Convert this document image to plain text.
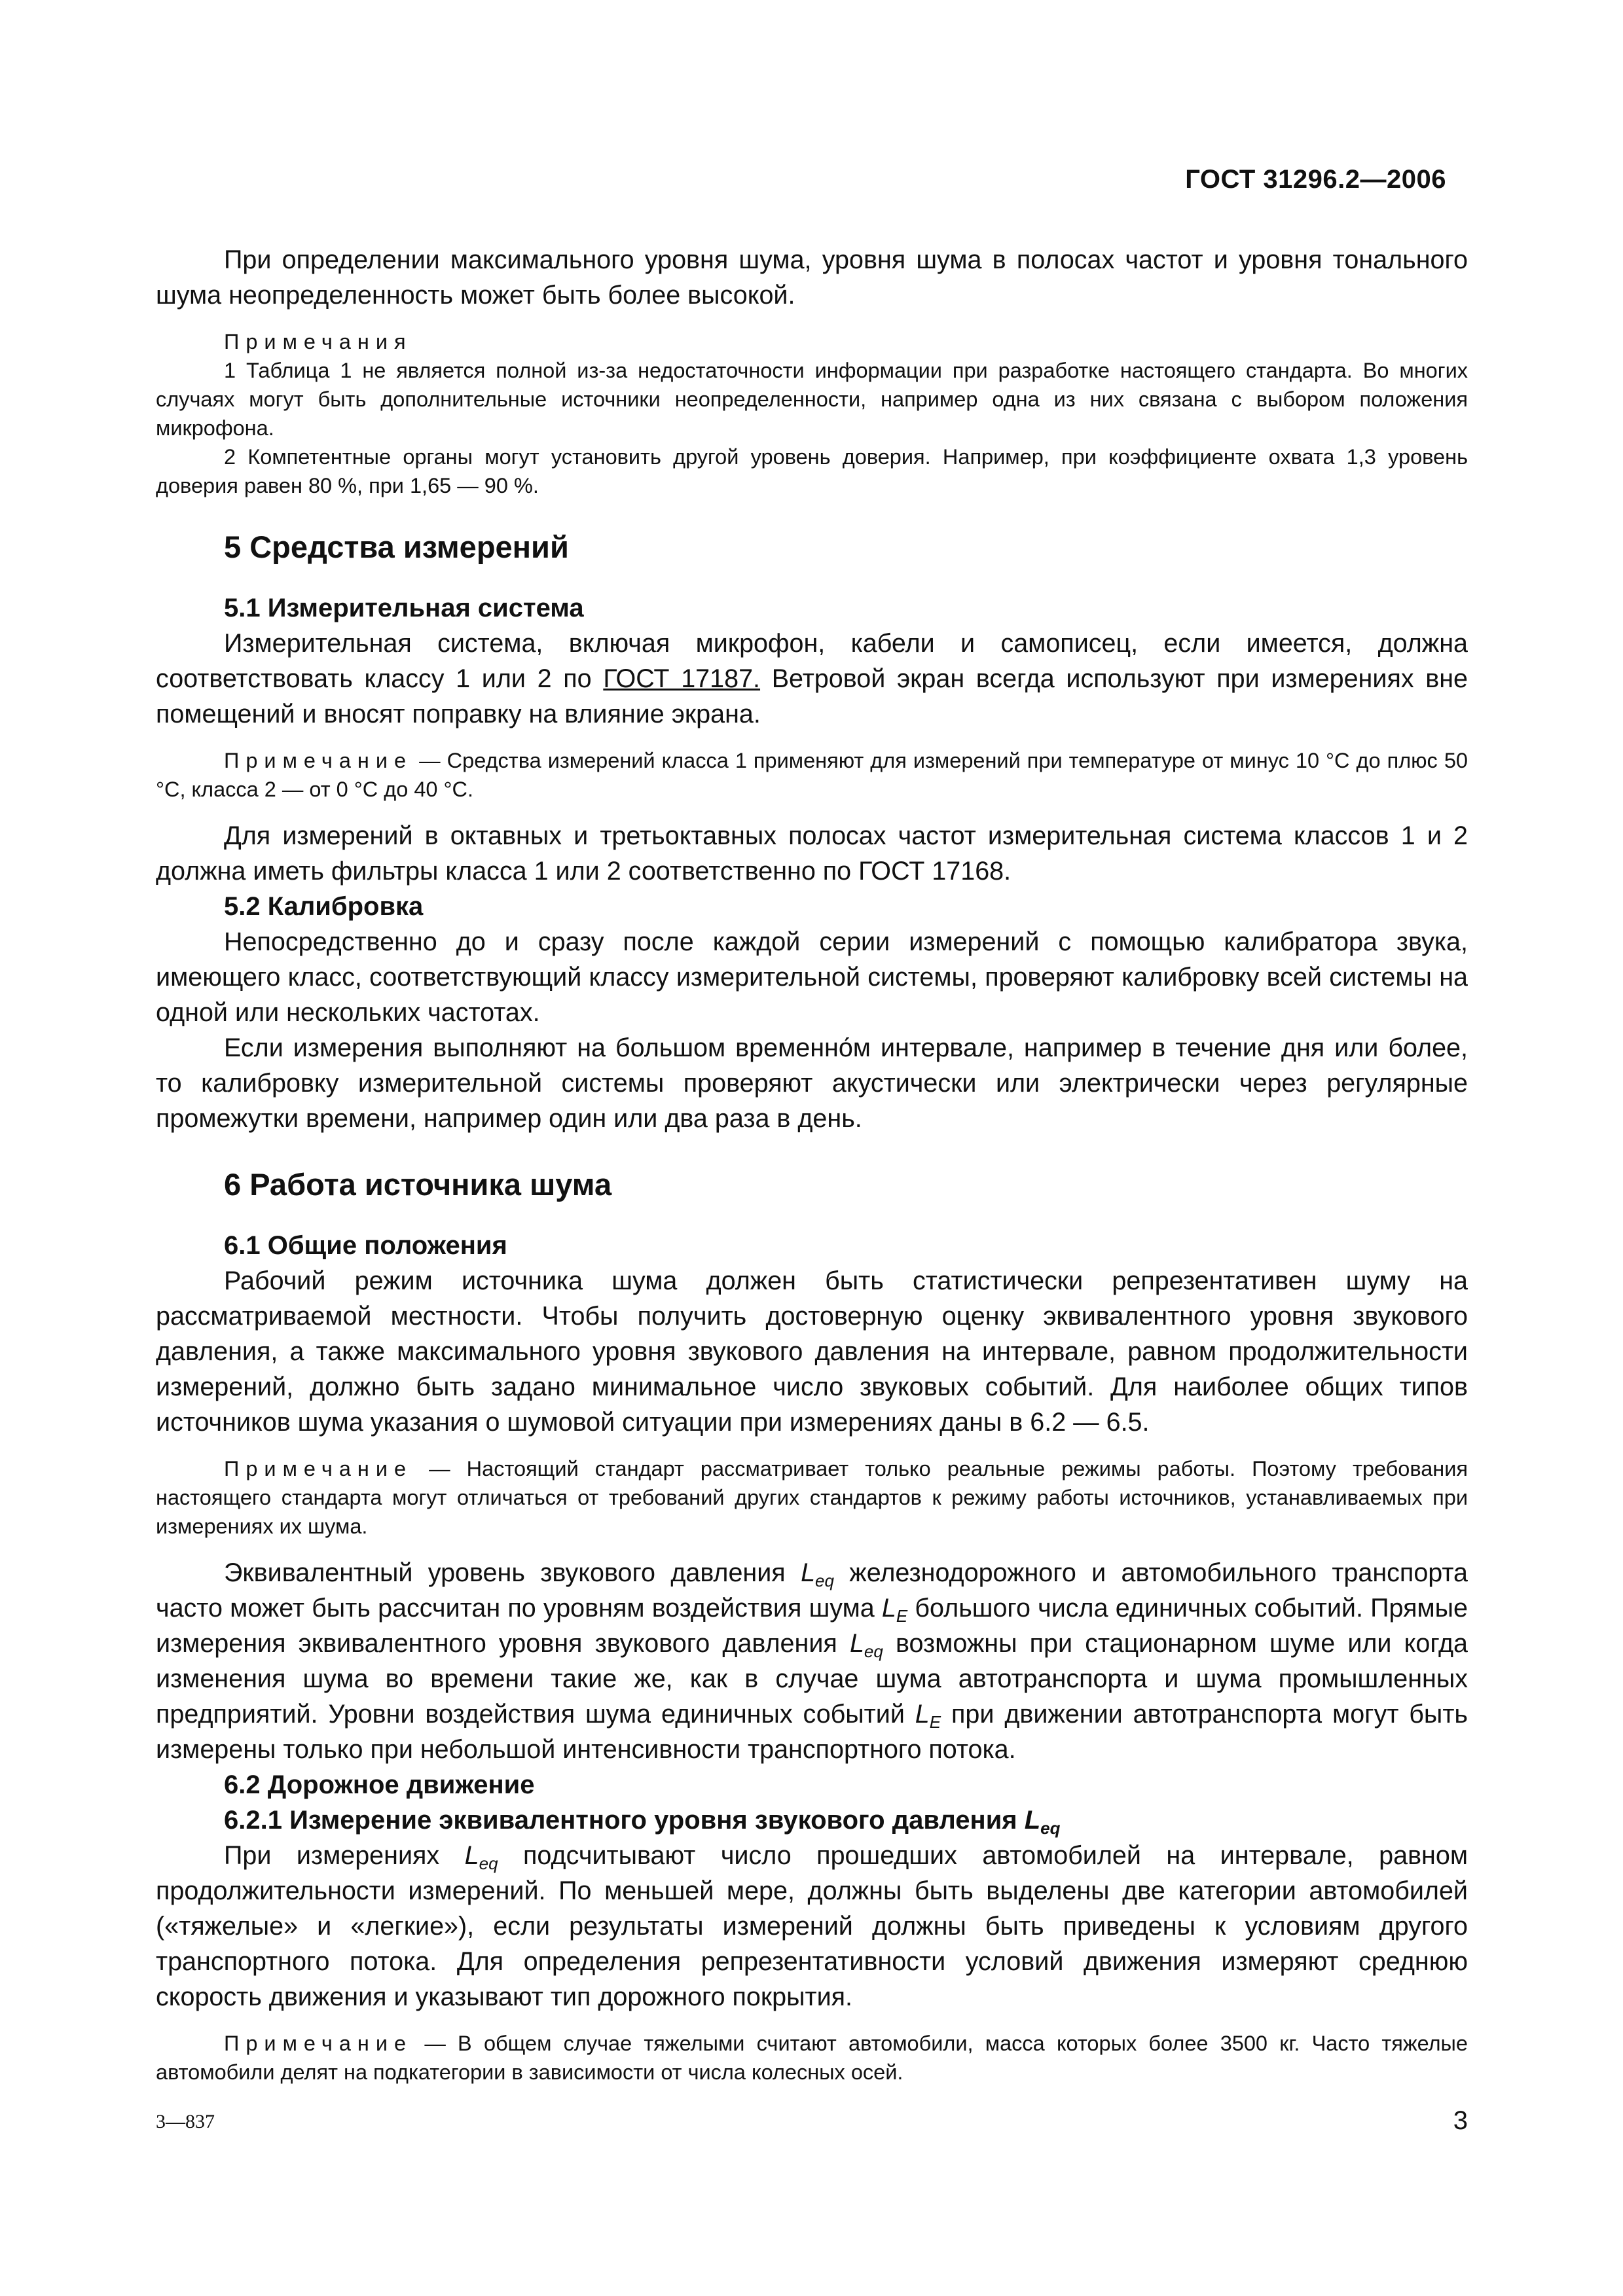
ГОСТ 31296.2—2006

При определении максимального уровня шума, уровня шума в полосах частот и уровня тонального шума неопределенность может быть более высокой.

Примечания

1 Таблица 1 не является полной из-за недостаточности информации при разработке настоящего стандарта. Во многих случаях могут быть дополнительные источники неопределенности, например одна из них связана с выбором положения микрофона.

2 Компетентные органы могут установить другой уровень доверия. Например, при коэффициенте охвата 1,3 уровень доверия равен 80 %, при 1,65 — 90 %.

5 Средства измерений
5.1 Измерительная система

Измерительная система, включая микрофон, кабели и самописец, если имеется, должна соответствовать классу 1 или 2 по ГОСТ 17187. Ветровой экран всегда используют при измерениях вне помещений и вносят поправку на влияние экрана.

Примечание — Средства измерений класса 1 применяют для измерений при температуре от минус 10 °С до плюс 50 °С, класса 2 — от 0 °С до 40 °С.

Для измерений в октавных и третьоктавных полосах частот измерительная система классов 1 и 2 должна иметь фильтры класса 1 или 2 соответственно по ГОСТ 17168.

5.2 Калибровка

Непосредственно до и сразу после каждой серии измерений с помощью калибратора звука, имеющего класс, соответствующий классу измерительной системы, проверяют калибровку всей системы на одной или нескольких частотах.

Если измерения выполняют на большом временно́м интервале, например в течение дня или более, то калибровку измерительной системы проверяют акустически или электрически через регулярные промежутки времени, например один или два раза в день.

6 Работа источника шума
6.1 Общие положения

Рабочий режим источника шума должен быть статистически репрезентативен шуму на рассматриваемой местности. Чтобы получить достоверную оценку эквивалентного уровня звукового давления, а также максимального уровня звукового давления на интервале, равном продолжительности измерений, должно быть задано минимальное число звуковых событий. Для наиболее общих типов источников шума указания о шумовой ситуации при измерениях даны в 6.2 — 6.5.

Примечание — Настоящий стандарт рассматривает только реальные режимы работы. Поэтому требования настоящего стандарта могут отличаться от требований других стандартов к режиму работы источников, устанавливаемых при измерениях их шума.

Эквивалентный уровень звукового давления $L_{eq}$ железнодорожного и автомобильного транспорта часто может быть рассчитан по уровням воздействия шума $L_E$ большого числа единичных событий. Прямые измерения эквивалентного уровня звукового давления $L_{eq}$ возможны при стационарном шуме или когда изменения шума во времени такие же, как в случае шума автотранспорта и шума промышленных предприятий. Уровни воздействия шума единичных событий $L_E$ при движении автотранспорта могут быть измерены только при небольшой интенсивности транспортного потока.

6.2 Дорожное движение
6.2.1 Измерение эквивалентного уровня звукового давления $L_{eq}$

При измерениях $L_{eq}$ подсчитывают число прошедших автомобилей на интервале, равном продолжительности измерений. По меньшей мере, должны быть выделены две категории автомобилей («тяжелые» и «легкие»), если результаты измерений должны быть приведены к условиям другого транспортного потока. Для определения репрезентативности условий движения измеряют среднюю скорость движения и указывают тип дорожного покрытия.

Примечание — В общем случае тяжелыми считают автомобили, масса которых более 3500 кг. Часто тяжелые автомобили делят на подкатегории в зависимости от числа колесных осей.

3—837	3
